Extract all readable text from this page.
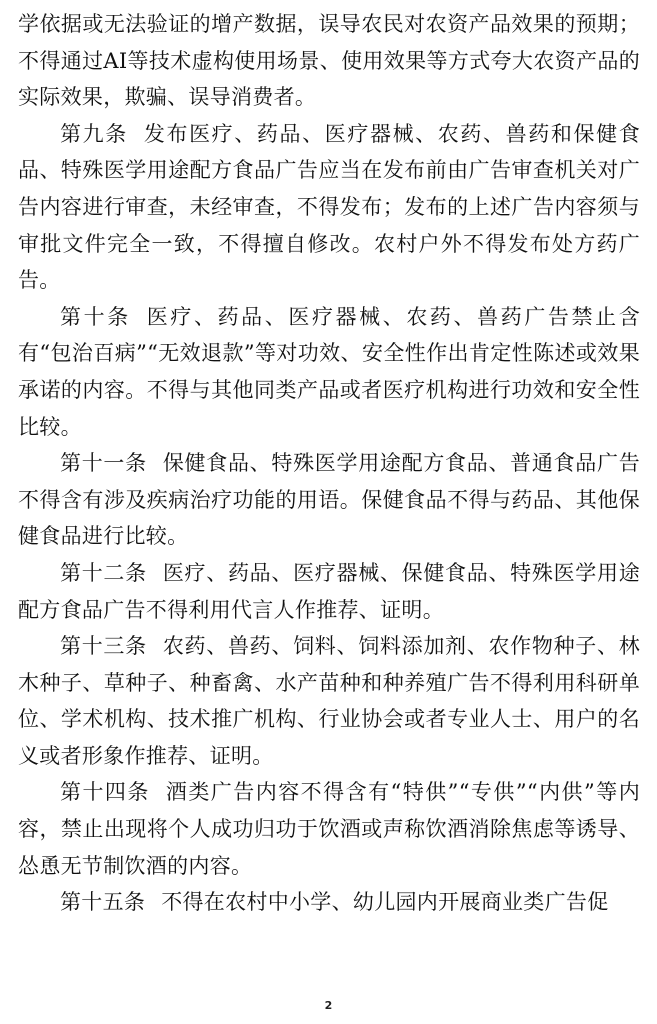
学依据或无法验证的增产数据，误导农民对农资产品效果的预期；不得通过AI等技术虚构使用场景、使用效果等方式夸大农资产品的实际效果，欺骗、误导消费者。

第九条 发布医疗、药品、医疗器械、农药、兽药和保健食品、特殊医学用途配方食品广告应当在发布前由广告审查机关对广告内容进行审查，未经审查，不得发布；发布的上述广告内容须与审批文件完全一致，不得擅自修改。农村户外不得发布处方药广告。

第十条 医疗、药品、医疗器械、农药、兽药广告禁止含有“包治百病”“无效退款”等对功效、安全性作出肯定性陈述或效果承诺的内容。不得与其他同类产品或者医疗机构进行功效和安全性比较。

第十一条 保健食品、特殊医学用途配方食品、普通食品广告不得含有涉及疾病治疗功能的用语。保健食品不得与药品、其他保健食品进行比较。

第十二条 医疗、药品、医疗器械、保健食品、特殊医学用途配方食品广告不得利用代言人作推荐、证明。

第十三条 农药、兽药、饲料、饲料添加剂、农作物种子、林木种子、草种子、种畜禽、水产苗种和种养殖广告不得利用科研单位、学术机构、技术推广机构、行业协会或者专业人士、用户的名义或者形象作推荐、证明。

第十四条 酒类广告内容不得含有“特供”“专供”“内供”等内容，禁止出现将个人成功归功于饮酒或声称饮酒消除焦虑等诱导、怂恿无节制饮酒的内容。

第十五条 不得在农村中小学、幼儿园内开展商业类广告促

2
